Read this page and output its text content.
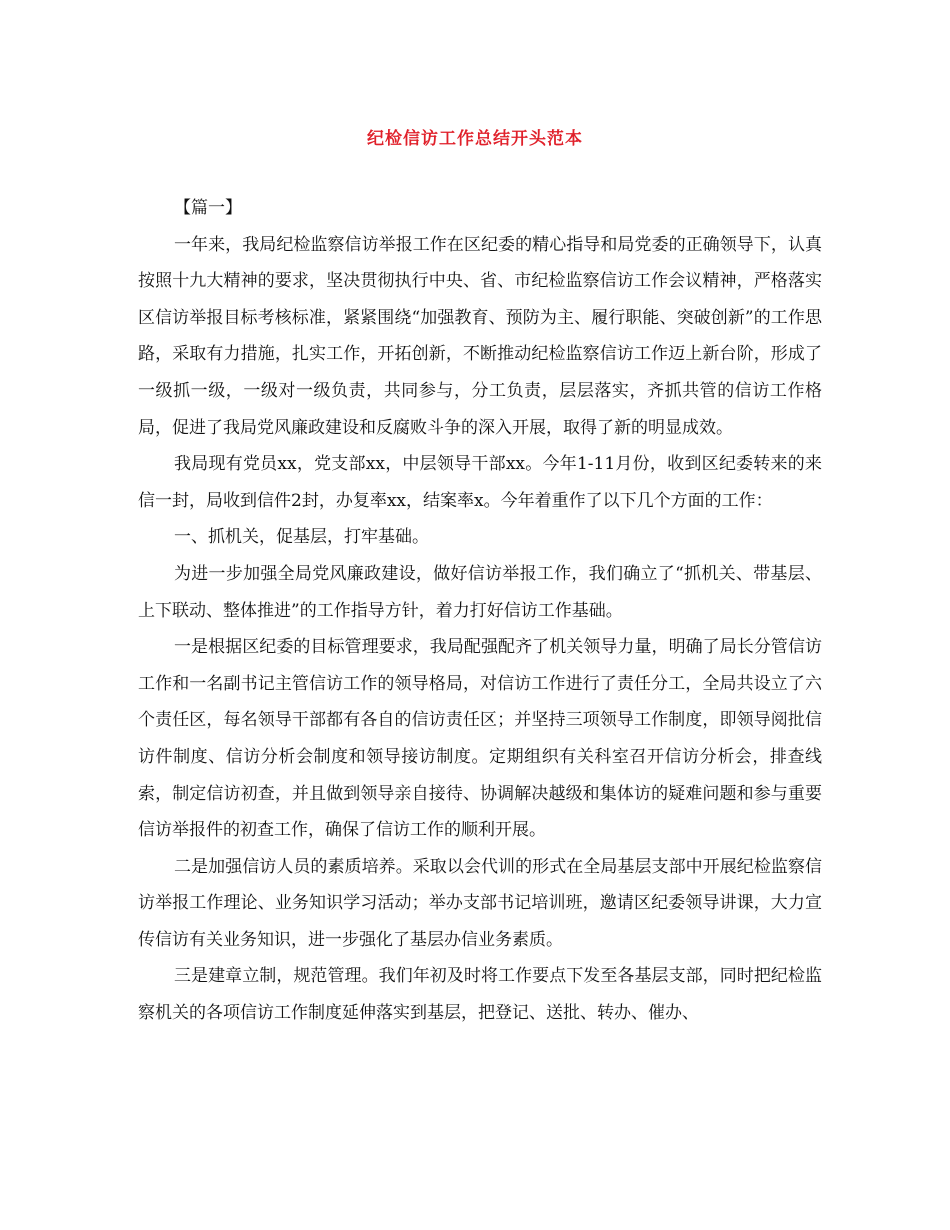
纪检信访工作总结开头范本

【篇一】

一年来，我局纪检监察信访举报工作在区纪委的精心指导和局党委的正确领导下，认真按照十九大精神的要求，坚决贯彻执行中央、省、市纪检监察信访工作会议精神，严格落实区信访举报目标考核标准，紧紧围绕“加强教育、预防为主、履行职能、突破创新”的工作思路，采取有力措施，扎实工作，开拓创新，不断推动纪检监察信访工作迈上新台阶，形成了一级抓一级，一级对一级负责，共同参与，分工负责，层层落实，齐抓共管的信访工作格局，促进了我局党风廉政建设和反腐败斗争的深入开展，取得了新的明显成效。

我局现有党员xx，党支部xx，中层领导干部xx。今年1-11月份，收到区纪委转来的来信一封，局收到信件2封，办复率xx，结案率x。今年着重作了以下几个方面的工作：

一、抓机关，促基层，打牢基础。

为进一步加强全局党风廉政建设，做好信访举报工作，我们确立了“抓机关、带基层、上下联动、整体推进”的工作指导方针，着力打好信访工作基础。

一是根据区纪委的目标管理要求，我局配强配齐了机关领导力量，明确了局长分管信访工作和一名副书记主管信访工作的领导格局，对信访工作进行了责任分工，全局共设立了六个责任区，每名领导干部都有各自的信访责任区；并坚持三项领导工作制度，即领导阅批信访件制度、信访分析会制度和领导接访制度。定期组织有关科室召开信访分析会，排查线索，制定信访初查，并且做到领导亲自接待、协调解决越级和集体访的疑难问题和参与重要信访举报件的初查工作，确保了信访工作的顺利开展。

二是加强信访人员的素质培养。采取以会代训的形式在全局基层支部中开展纪检监察信访举报工作理论、业务知识学习活动；举办支部书记培训班，邀请区纪委领导讲课，大力宣传信访有关业务知识，进一步强化了基层办信业务素质。

三是建章立制，规范管理。我们年初及时将工作要点下发至各基层支部，同时把纪检监察机关的各项信访工作制度延伸落实到基层，把登记、送批、转办、催办、
